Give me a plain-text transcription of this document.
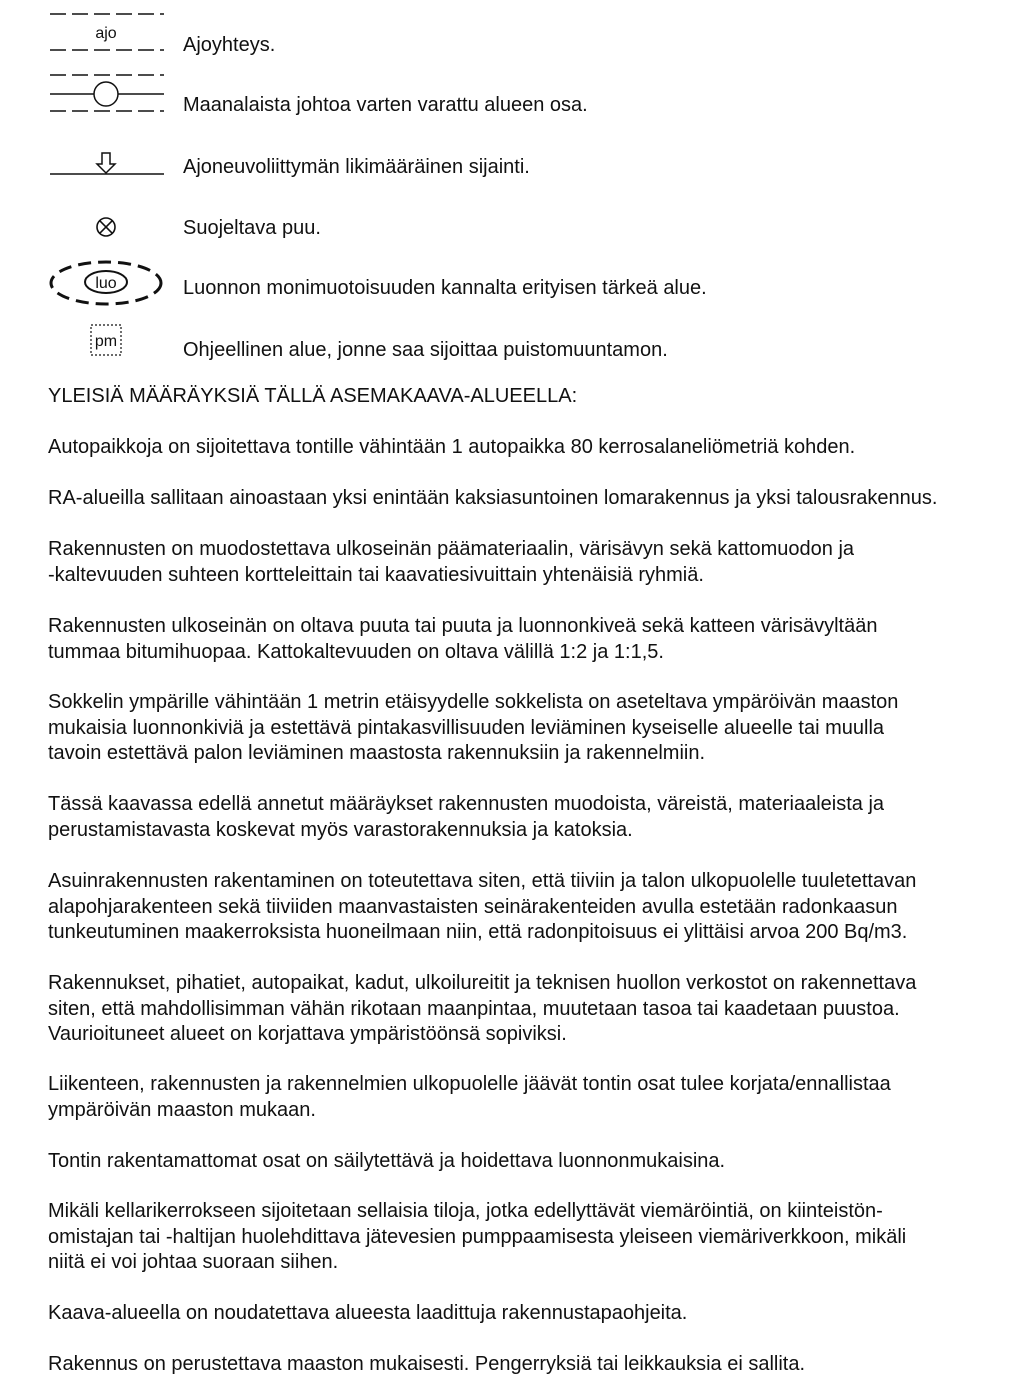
ajo
Ajoyhteys.
Maanalaista johtoa varten varattu alueen osa.
Ajoneuvoliittymän likimääräinen sijainti.
Suojeltava puu.
luo	Luonnon monimuotoisuuden kannalta erityisen tärkeä alue.
pm	Ohjeellinen alue, jonne saa sijoittaa puistomuuntamon.
YLEISIÄ MÄÄRÄYKSIÄ TÄLLÄ ASEMAKAAVA-ALUEELLA:
Autopaikkoja on sijoitettava tontille vähintään 1 autopaikka 80 kerrosalaneliömetriä kohden.
RA-alueilla sallitaan ainoastaan yksi enintään kaksiasuntoinen lomarakennus ja yksi talousrakennus.
Rakennusten on muodostettava ulkoseinän päämateriaalin, värisävyn sekä kattomuodon ja
-kaltevuuden suhteen kortteleittain tai kaavatiesivuittain yhtenäisiä ryhmiä.
Rakennusten ulkoseinän on oltava puuta tai puuta ja luonnonkiveä sekä katteen värisävyltään
tummaa bitumihuopaa. Kattokaltevuuden on oltava välillä 1:2 ja 1:1,5.
Sokkelin ympärille vähintään 1 metrin etäisyydelle sokkelista on aseteltava ympäröivän maaston
mukaisia luonnonkiviä ja estettävä pintakasvillisuuden leviäminen kyseiselle alueelle tai muulla
tavoin estettävä palon leviäminen maastosta rakennuksiin ja rakennelmiin.
Tässä kaavassa edellä annetut määräykset rakennusten muodoista, väreistä, materiaaleista ja
perustamistavasta koskevat myös varastorakennuksia ja katoksia.
Asuinrakennusten rakentaminen on toteutettava siten, että tiiviin ja talon ulkopuolelle tuuletettavan
alapohjarakenteen sekä tiiviiden maanvastaisten seinärakenteiden avulla estetään radonkaasun
tunkeutuminen maakerroksista huoneilmaan niin, että radonpitoisuus ei ylittäisi arvoa 200 Bq/m3.
Rakennukset, pihatiet, autopaikat, kadut, ulkoilureitit ja teknisen huollon verkostot on rakennettava
siten, että mahdollisimman vähän rikotaan maanpintaa, muutetaan tasoa tai kaadetaan puustoa.
Vaurioituneet alueet on korjattava ympäristöönsä sopiviksi.
Liikenteen, rakennusten ja rakennelmien ulkopuolelle jäävät tontin osat tulee korjata/ennallistaa
ympäröivän maaston mukaan.
Tontin rakentamattomat osat on säilytettävä ja hoidettava luonnonmukaisina.
Mikäli kellarikerrokseen sijoitetaan sellaisia tiloja, jotka edellyttävät viemäröintiä, on kiinteistön-
omistajan tai -haltijan huolehdittava jätevesien pumppaamisesta yleiseen viemäriverkkoon, mikäli
niitä ei voi johtaa suoraan siihen.
Kaava-alueella on noudatettava alueesta laadittuja rakennustapaohjeita.
Rakennus on perustettava maaston mukaisesti. Pengerryksiä tai leikkauksia ei sallita.
